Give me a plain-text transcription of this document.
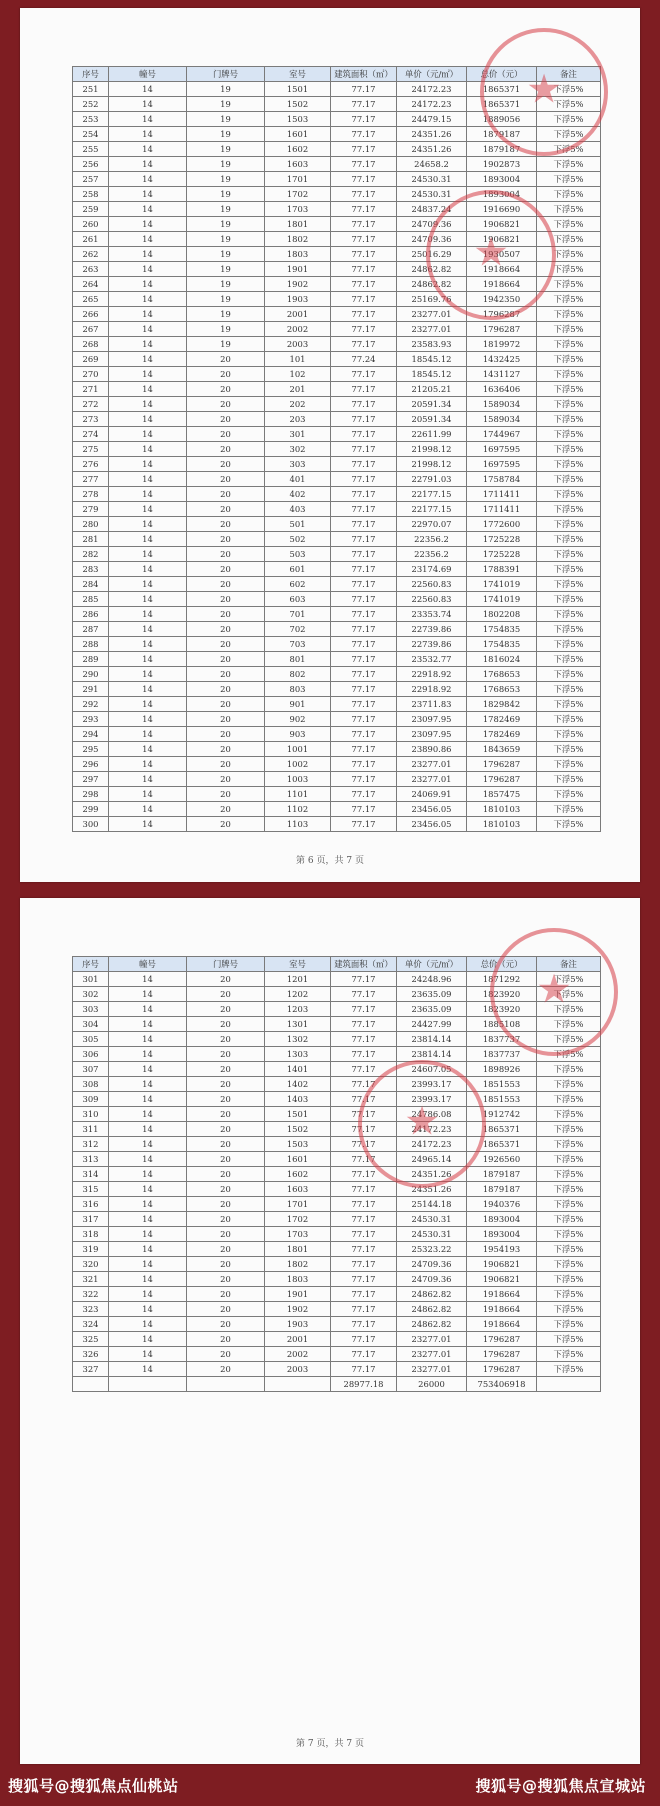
序号	幢号	门牌号	室号	建筑面积（㎡）	单价（元/㎡）	总价（元）	备注
251	14	19	1501	77.17	24172.23	1865371	下浮5%
252	14	19	1502	77.17	24172.23	1865371	下浮5%
253	14	19	1503	77.17	24479.15	1889056	下浮5%
254	14	19	1601	77.17	24351.26	1879187	下浮5%
255	14	19	1602	77.17	24351.26	1879187	下浮5%
256	14	19	1603	77.17	24658.2	1902873	下浮5%
257	14	19	1701	77.17	24530.31	1893004	下浮5%
258	14	19	1702	77.17	24530.31	1893004	下浮5%
259	14	19	1703	77.17	24837.24	1916690	下浮5%
260	14	19	1801	77.17	24709.36	1906821	下浮5%
261	14	19	1802	77.17	24709.36	1906821	下浮5%
262	14	19	1803	77.17	25016.29	1930507	下浮5%
263	14	19	1901	77.17	24862.82	1918664	下浮5%
264	14	19	1902	77.17	24862.82	1918664	下浮5%
265	14	19	1903	77.17	25169.76	1942350	下浮5%
266	14	19	2001	77.17	23277.01	1796287	下浮5%
267	14	19	2002	77.17	23277.01	1796287	下浮5%
268	14	19	2003	77.17	23583.93	1819972	下浮5%
269	14	20	101	77.24	18545.12	1432425	下浮5%
270	14	20	102	77.17	18545.12	1431127	下浮5%
271	14	20	201	77.17	21205.21	1636406	下浮5%
272	14	20	202	77.17	20591.34	1589034	下浮5%
273	14	20	203	77.17	20591.34	1589034	下浮5%
274	14	20	301	77.17	22611.99	1744967	下浮5%
275	14	20	302	77.17	21998.12	1697595	下浮5%
276	14	20	303	77.17	21998.12	1697595	下浮5%
277	14	20	401	77.17	22791.03	1758784	下浮5%
278	14	20	402	77.17	22177.15	1711411	下浮5%
279	14	20	403	77.17	22177.15	1711411	下浮5%
280	14	20	501	77.17	22970.07	1772600	下浮5%
281	14	20	502	77.17	22356.2	1725228	下浮5%
282	14	20	503	77.17	22356.2	1725228	下浮5%
283	14	20	601	77.17	23174.69	1788391	下浮5%
284	14	20	602	77.17	22560.83	1741019	下浮5%
285	14	20	603	77.17	22560.83	1741019	下浮5%
286	14	20	701	77.17	23353.74	1802208	下浮5%
287	14	20	702	77.17	22739.86	1754835	下浮5%
288	14	20	703	77.17	22739.86	1754835	下浮5%
289	14	20	801	77.17	23532.77	1816024	下浮5%
290	14	20	802	77.17	22918.92	1768653	下浮5%
291	14	20	803	77.17	22918.92	1768653	下浮5%
292	14	20	901	77.17	23711.83	1829842	下浮5%
293	14	20	902	77.17	23097.95	1782469	下浮5%
294	14	20	903	77.17	23097.95	1782469	下浮5%
295	14	20	1001	77.17	23890.86	1843659	下浮5%
296	14	20	1002	77.17	23277.01	1796287	下浮5%
297	14	20	1003	77.17	23277.01	1796287	下浮5%
298	14	20	1101	77.17	24069.91	1857475	下浮5%
299	14	20	1102	77.17	23456.05	1810103	下浮5%
300	14	20	1103	77.17	23456.05	1810103	下浮5%
第 6 页，共 7 页
★
★
序号	幢号	门牌号	室号	建筑面积（㎡）	单价（元/㎡）	总价（元）	备注
301	14	20	1201	77.17	24248.96	1871292	下浮5%
302	14	20	1202	77.17	23635.09	1823920	下浮5%
303	14	20	1203	77.17	23635.09	1823920	下浮5%
304	14	20	1301	77.17	24427.99	1885108	下浮5%
305	14	20	1302	77.17	23814.14	1837737	下浮5%
306	14	20	1303	77.17	23814.14	1837737	下浮5%
307	14	20	1401	77.17	24607.05	1898926	下浮5%
308	14	20	1402	77.17	23993.17	1851553	下浮5%
309	14	20	1403	77.17	23993.17	1851553	下浮5%
310	14	20	1501	77.17	24786.08	1912742	下浮5%
311	14	20	1502	77.17	24172.23	1865371	下浮5%
312	14	20	1503	77.17	24172.23	1865371	下浮5%
313	14	20	1601	77.17	24965.14	1926560	下浮5%
314	14	20	1602	77.17	24351.26	1879187	下浮5%
315	14	20	1603	77.17	24351.26	1879187	下浮5%
316	14	20	1701	77.17	25144.18	1940376	下浮5%
317	14	20	1702	77.17	24530.31	1893004	下浮5%
318	14	20	1703	77.17	24530.31	1893004	下浮5%
319	14	20	1801	77.17	25323.22	1954193	下浮5%
320	14	20	1802	77.17	24709.36	1906821	下浮5%
321	14	20	1803	77.17	24709.36	1906821	下浮5%
322	14	20	1901	77.17	24862.82	1918664	下浮5%
323	14	20	1902	77.17	24862.82	1918664	下浮5%
324	14	20	1903	77.17	24862.82	1918664	下浮5%
325	14	20	2001	77.17	23277.01	1796287	下浮5%
326	14	20	2002	77.17	23277.01	1796287	下浮5%
327	14	20	2003	77.17	23277.01	1796287	下浮5%
				28977.18	26000	753406918	
第 7 页，共 7 页
★
★
搜狐号@搜狐焦点仙桃站	搜狐号@搜狐焦点宣城站
